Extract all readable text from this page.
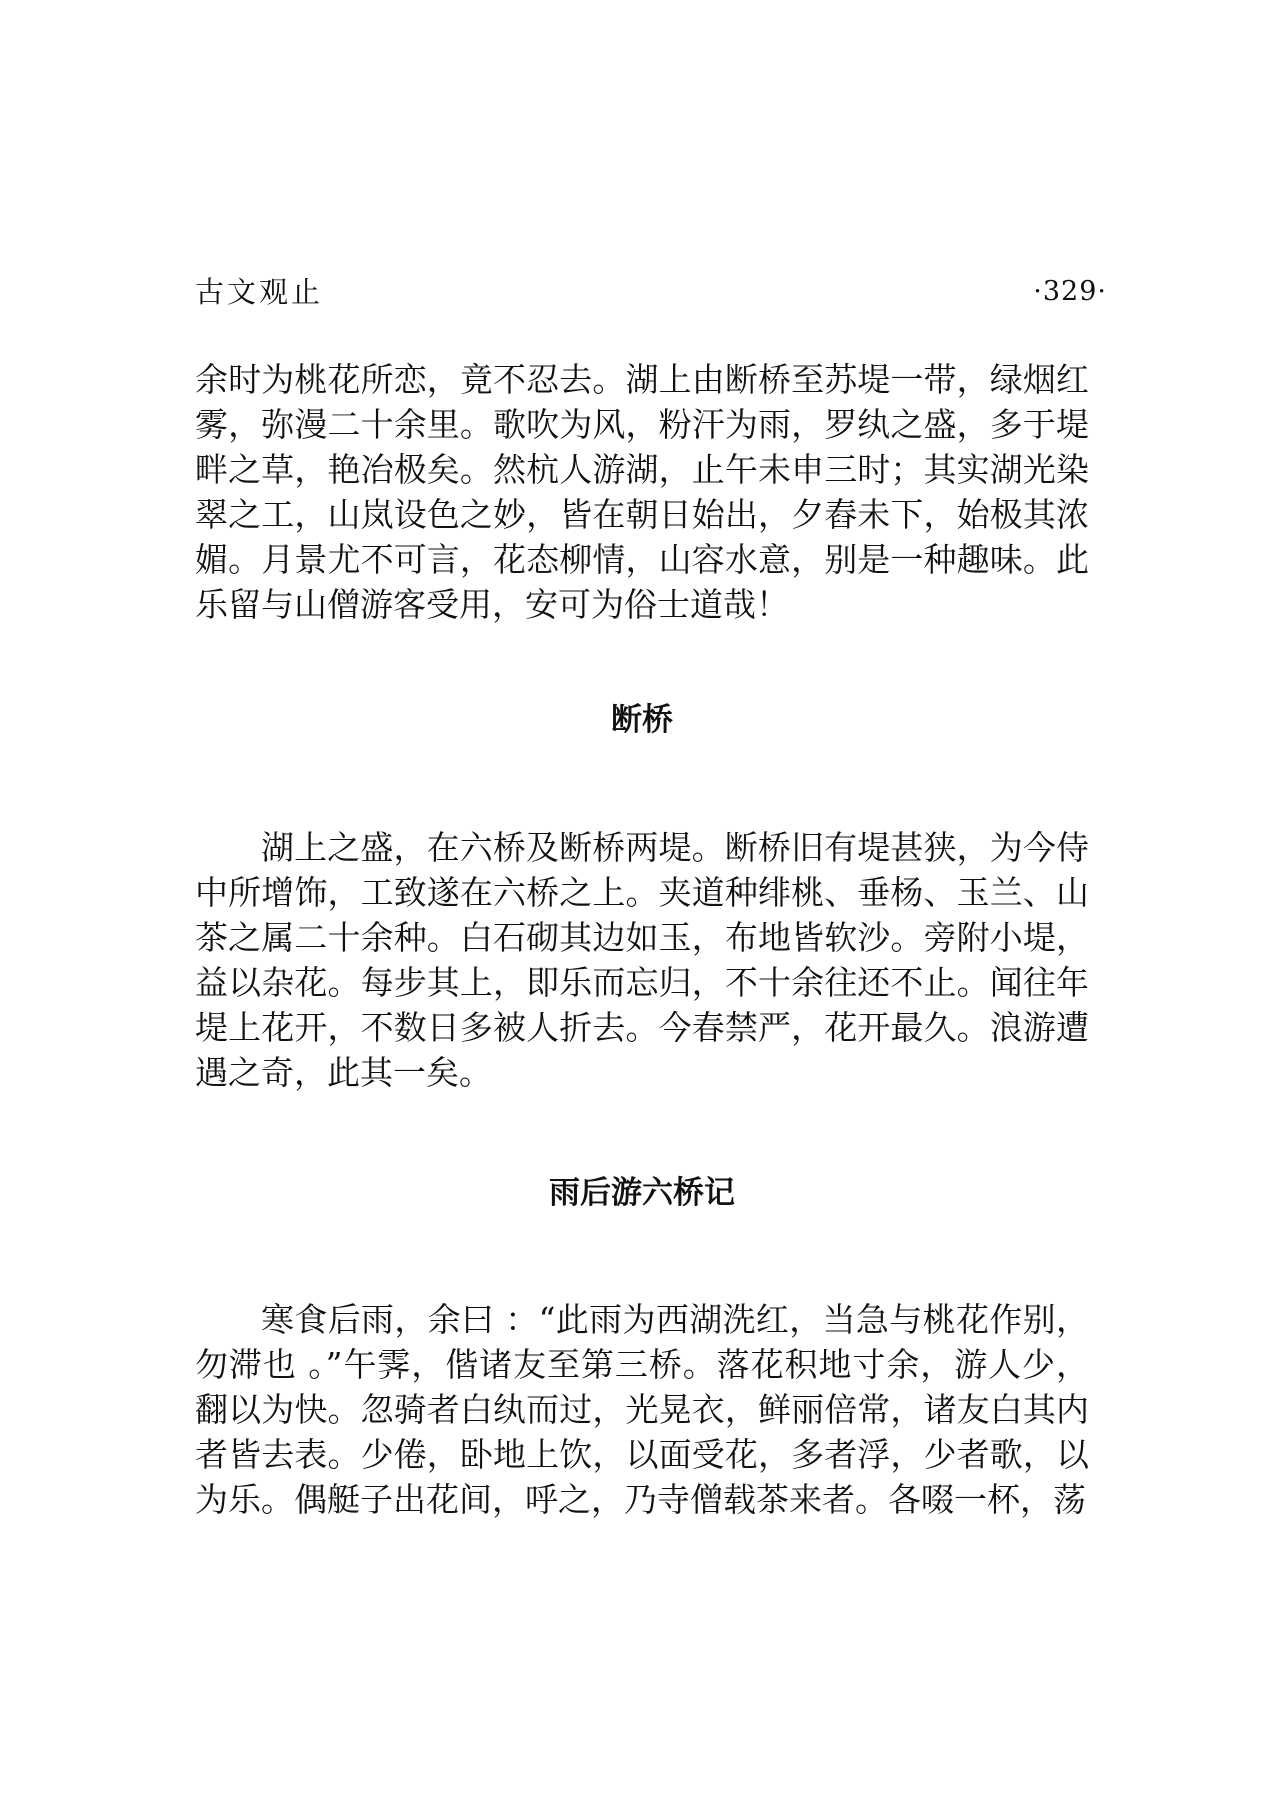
古文观止	·329·

余时为桃花所恋，竟不忍去。湖上由断桥至苏堤一带，绿烟红雾，弥漫二十余里。歌吹为风，粉汗为雨，罗纨之盛，多于堤畔之草，艳冶极矣。然杭人游湖，止午未申三时；其实湖光染翠之工，山岚设色之妙，皆在朝日始出，夕舂未下，始极其浓媚。月景尤不可言，花态柳情，山容水意，别是一种趣味。此乐留与山僧游客受用，安可为俗士道哉！

断桥

湖上之盛，在六桥及断桥两堤。断桥旧有堤甚狭，为今侍中所增饰，工致遂在六桥之上。夹道种绯桃、垂杨、玉兰、山茶之属二十余种。白石砌其边如玉，布地皆软沙。旁附小堤，益以杂花。每步其上，即乐而忘归，不十余往还不止。闻往年堤上花开，不数日多被人折去。今春禁严，花开最久。浪游遭遇之奇，此其一矣。

雨后游六桥记

寒食后雨，余曰 ：“此雨为西湖洗红，当急与桃花作别，勿滞也 。”午霁，偕诸友至第三桥。落花积地寸余，游人少，翻以为快。忽骑者白纨而过，光晃衣，鲜丽倍常，诸友白其内者皆去表。少倦，卧地上饮，以面受花，多者浮，少者歌，以为乐。偶艇子出花间，呼之，乃寺僧载茶来者。各啜一杯，荡
